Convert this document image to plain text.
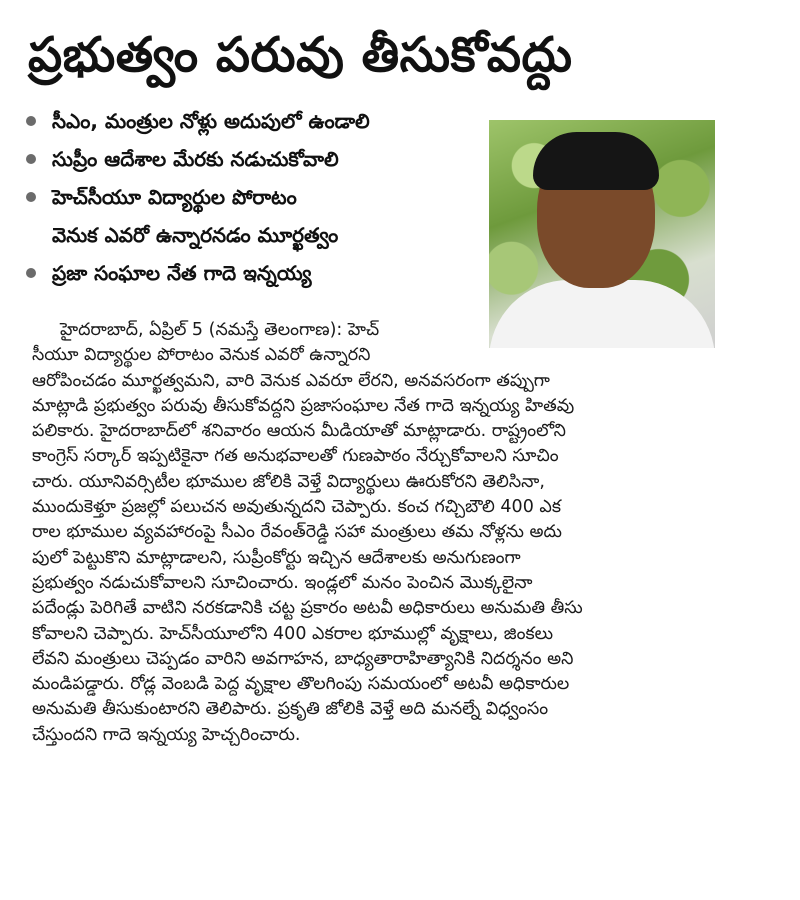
ప్రభుత్వం పరువు తీసుకోవద్దు
సీఎం, మంత్రుల నోళ్లు అదుపులో ఉండాలి
సుప్రీం ఆదేశాల మేరకు నడుచుకోవాలి
హెచ్‌సీయూ విద్యార్థుల పోరాటం
వెనుక ఎవరో ఉన్నారనడం మూర్ఖత్వం
ప్రజా సంఘాల నేత గాదె ఇన్నయ్య
హైదరాబాద్, ఏప్రిల్ 5 (నమస్తే తెలంగాణ): హెచ్
సీయూ విద్యార్థుల పోరాటం వెనుక ఎవరో ఉన్నారని
ఆరోపించడం మూర్ఖత్వమని, వారి వెనుక ఎవరూ లేరని, అనవసరంగా తప్పుగా
మాట్లాడి ప్రభుత్వం పరువు తీసుకోవద్దని ప్రజాసంఘాల నేత గాదె ఇన్నయ్య హితవు
పలికారు. హైదరాబాద్‌లో శనివారం ఆయన మీడియాతో మాట్లాడారు. రాష్ట్రంలోని
కాంగ్రెస్ సర్కార్ ఇప్పటికైనా గత అనుభవాలతో గుణపాఠం నేర్చుకోవాలని సూచిం
చారు. యూనివర్సిటీల భూముల జోలికి వెళ్తే విద్యార్థులు ఊరుకోరని తెలిసినా,
ముందుకెళ్తూ ప్రజల్లో పలుచన అవుతున్నదని చెప్పారు. కంచ గచ్చిబౌలి 400 ఎక
రాల భూముల వ్యవహారంపై సీఎం రేవంత్‌రెడ్డి సహా మంత్రులు తమ నోళ్లను అదు
పులో పెట్టుకొని మాట్లాడాలని, సుప్రీంకోర్టు ఇచ్చిన ఆదేశాలకు అనుగుణంగా
ప్రభుత్వం నడుచుకోవాలని సూచించారు. ఇండ్లలో మనం పెంచిన మొక్కలైనా
పదేండ్లు పెరిగితే వాటిని నరకడానికి చట్ట ప్రకారం అటవీ అధికారులు అనుమతి తీసు
కోవాలని చెప్పారు. హెచ్‌సీయూలోని 400 ఎకరాల భూముల్లో వృక్షాలు, జింకలు
లేవని మంత్రులు చెప్పడం వారిని అవగాహన, బాధ్యతారాహిత్యానికి నిదర్శనం అని
మండిపడ్డారు. రోడ్ల వెంబడి పెద్ద వృక్షాల తొలగింపు సమయంలో అటవీ అధికారుల
అనుమతి తీసుకుంటారని తెలిపారు. ప్రకృతి జోలికి వెళ్తే అది మనల్నే విధ్వంసం
చేస్తుందని గాదె ఇన్నయ్య హెచ్చరించారు.
